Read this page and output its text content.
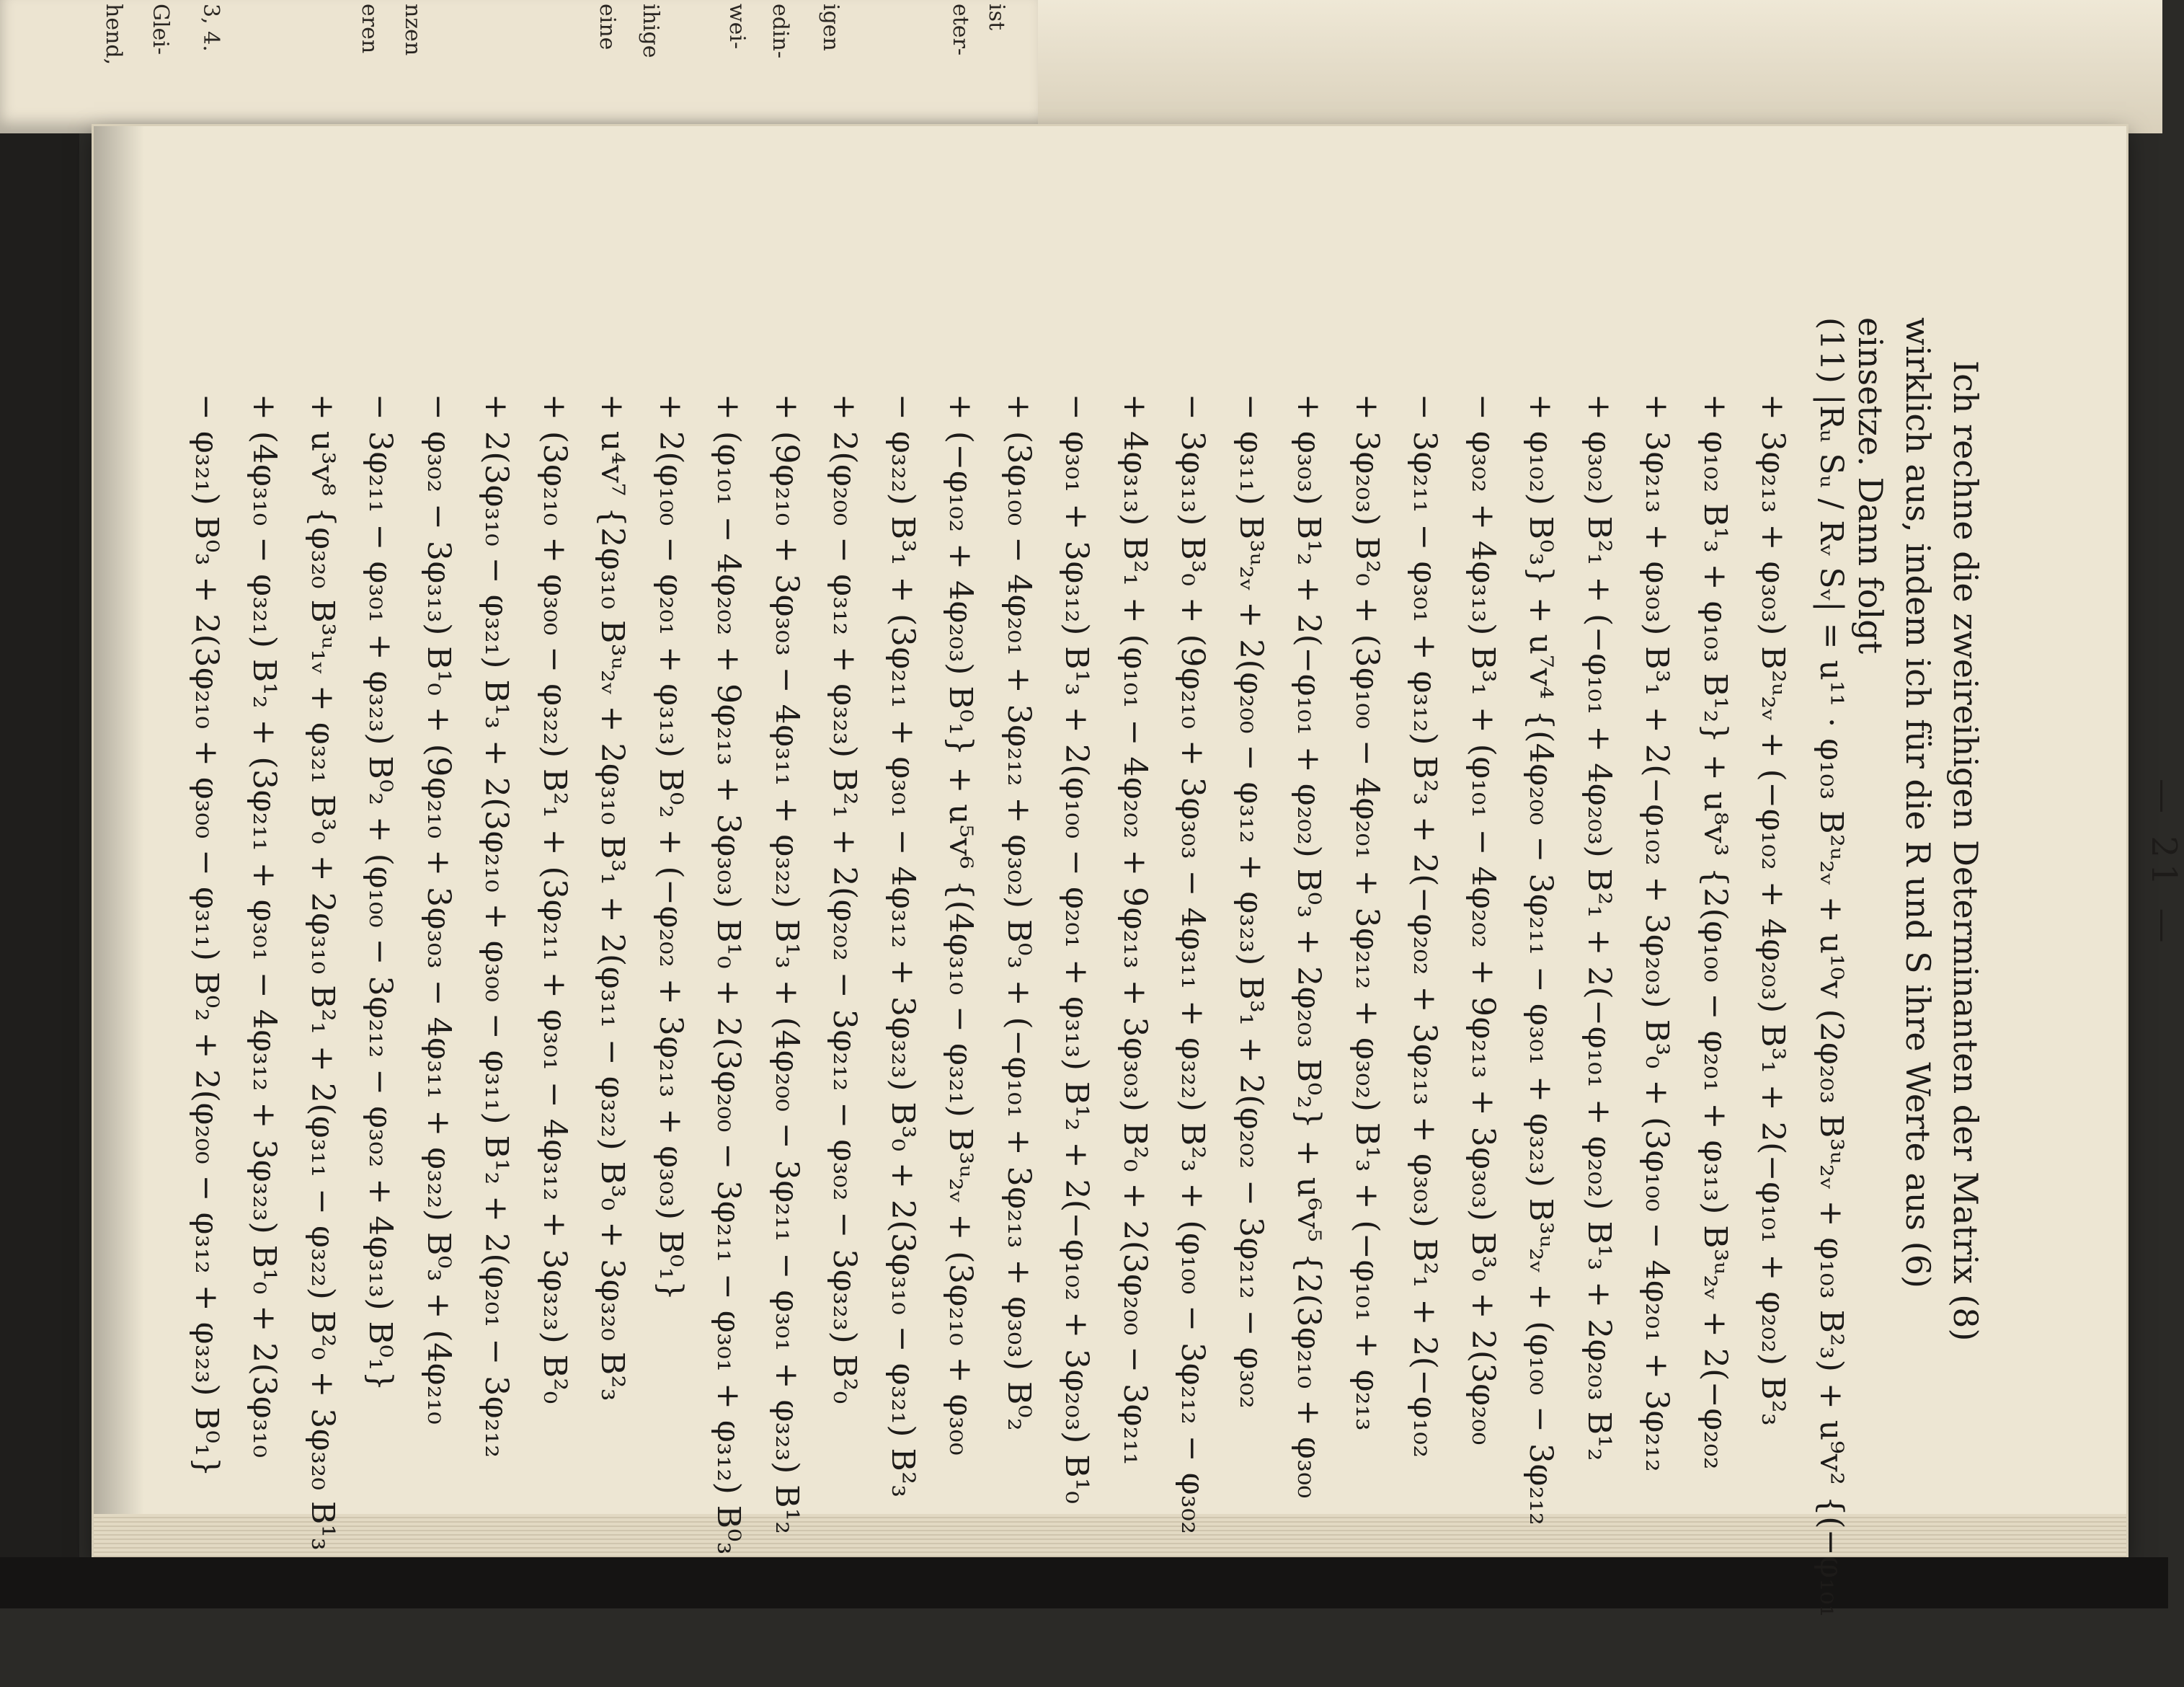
igen
edin-
wei-
ihige
eine	ist
eter-
nzen
eren
3, 4.
Glei-
hend,
— 21 —
Ich rechne die zweireihigen Determinanten der Matrix (8)
wirklich aus, indem ich für die R und S ihre Werte aus (6)
einsetze. Dann folgt
(11) |Rᵤ Sᵤ / Rᵥ Sᵥ| = u¹¹ · φ₁₀₃ B²ᵘ₂ᵥ + u¹⁰v (2φ₂₀₃ B³ᵘ₂ᵥ + φ₁₀₃ B²₃) + u⁹v² {(−φ₁₀₁
+ 3φ₂₁₃ + φ₃₀₃) B²ᵘ₂ᵥ + (−φ₁₀₂ + 4φ₂₀₃) B³₁ + 2(−φ₁₀₁ + φ₂₀₂) B²₃
+ φ₁₀₂ B¹₃ + φ₁₀₃ B¹₂} + u⁸v³ {2(φ₁₀₀ − φ₂₀₁ + φ₃₁₃) B³ᵘ₂ᵥ + 2(−φ₂₀₂
+ 3φ₂₁₃ + φ₃₀₃) B³₁ + 2(−φ₁₀₂ + 3φ₂₀₃) B³₀ + (3φ₁₀₀ − 4φ₂₀₁ + 3φ₂₁₂
+ φ₃₀₂) B²₁ + (−φ₁₀₁ + 4φ₂₀₃) B²₁ + 2(−φ₁₀₁ + φ₂₀₂) B¹₃ + 2φ₂₀₃ B¹₂
+ φ₁₀₂) B⁰₃} + u⁷v⁴ {(4φ₂₀₀ − 3φ₂₁₁ − φ₃₀₁ + φ₃₂₃) B³ᵘ₂ᵥ + (φ₁₀₀ − 3φ₂₁₂
− φ₃₀₂ + 4φ₃₁₃) B³₁ + (φ₁₀₁ − 4φ₂₀₂ + 9φ₂₁₃ + 3φ₃₀₃) B³₀ + 2(3φ₂₀₀
− 3φ₂₁₁ − φ₃₀₁ + φ₃₁₂) B²₃ + 2(−φ₂₀₂ + 3φ₂₁₃ + φ₃₀₃) B²₁ + 2(−φ₁₀₂
+ 3φ₂₀₃) B²₀ + (3φ₁₀₀ − 4φ₂₀₁ + 3φ₂₁₂ + φ₃₀₂) B¹₃ + (−φ₁₀₁ + φ₂₁₃
+ φ₃₀₃) B¹₂ + 2(−φ₁₀₁ + φ₂₀₂) B⁰₃ + 2φ₂₀₃ B⁰₂} + u⁶v⁵ {2(3φ₂₁₀ + φ₃₀₀
− φ₃₁₁) B³ᵘ₂ᵥ + 2(φ₂₀₀ − φ₃₁₂ + φ₃₂₃) B³₁ + 2(φ₂₀₂ − 3φ₂₁₂ − φ₃₀₂
− 3φ₃₁₃) B³₀ + (9φ₂₁₀ + 3φ₃₀₃ − 4φ₃₁₁ + φ₃₂₂) B²₃ + (φ₁₀₀ − 3φ₂₁₂ − φ₃₀₂
+ 4φ₃₁₃) B²₁ + (φ₁₀₁ − 4φ₂₀₂ + 9φ₂₁₃ + 3φ₃₀₃) B²₀ + 2(3φ₂₀₀ − 3φ₂₁₁
− φ₃₀₁ + 3φ₃₁₂) B¹₃ + 2(φ₁₀₀ − φ₂₀₁ + φ₃₁₃) B¹₂ + 2(−φ₁₀₂ + 3φ₂₀₃) B¹₀
+ (3φ₁₀₀ − 4φ₂₀₁ + 3φ₂₁₂ + φ₃₀₂) B⁰₃ + (−φ₁₀₁ + 3φ₂₁₃ + φ₃₀₃) B⁰₂
+ (−φ₁₀₂ + 4φ₂₀₃) B⁰₁} + u⁵v⁶ {(4φ₃₁₀ − φ₃₂₁) B³ᵘ₂ᵥ + (3φ₂₁₀ + φ₃₀₀
− φ₃₂₂) B³₁ + (3φ₂₁₁ + φ₃₀₁ − 4φ₃₁₂ + 3φ₃₂₃) B³₀ + 2(3φ₃₁₀ − φ₃₂₁) B²₃
+ 2(φ₂₀₀ − φ₃₁₂ + φ₃₂₃) B²₁ + 2(φ₂₀₂ − 3φ₂₁₂ − φ₃₀₂ − 3φ₃₂₃) B²₀
+ (9φ₂₁₀ + 3φ₃₀₃ − 4φ₃₁₁ + φ₃₂₂) B¹₃ + (4φ₂₀₀ − 3φ₂₁₁ − φ₃₀₁ + φ₃₂₃) B¹₂
+ (φ₁₀₁ − 4φ₂₀₂ + 9φ₂₁₃ + 3φ₃₀₃) B¹₀ + 2(3φ₂₀₀ − 3φ₂₁₁ − φ₃₀₁ + φ₃₁₂) B⁰₃
+ 2(φ₁₀₀ − φ₂₀₁ + φ₃₁₃) B⁰₂ + (−φ₂₀₂ + 3φ₂₁₃ + φ₃₀₃) B⁰₁}
+ u⁴v⁷ {2φ₃₁₀ B³ᵘ₂ᵥ + 2φ₃₁₀ B³₁ + 2(φ₃₁₁ − φ₃₂₂) B³₀ + 3φ₃₂₀ B²₃
+ (3φ₂₁₀ + φ₃₀₀ − φ₃₂₂) B²₁ + (3φ₂₁₁ + φ₃₀₁ − 4φ₃₁₂ + 3φ₃₂₃) B²₀
+ 2(3φ₃₁₀ − φ₃₂₁) B¹₃ + 2(3φ₂₁₀ + φ₃₀₀ − φ₃₁₁) B¹₂ + 2(φ₂₀₁ − 3φ₂₁₂
− φ₃₀₂ − 3φ₃₁₃) B¹₀ + (9φ₂₁₀ + 3φ₃₀₃ − 4φ₃₁₁ + φ₃₂₂) B⁰₃ + (4φ₂₁₀
− 3φ₂₁₁ − φ₃₀₁ + φ₃₂₃) B⁰₂ + (φ₁₀₀ − 3φ₂₁₂ − φ₃₀₂ + 4φ₃₁₃) B⁰₁}
+ u³v⁸ {φ₃₂₀ B³ᵘ₁ᵥ + φ₃₂₁ B³₀ + 2φ₃₁₀ B²₁ + 2(φ₃₁₁ − φ₃₂₂) B²₀ + 3φ₃₂₀ B¹₃
+ (4φ₃₁₀ − φ₃₂₁) B¹₂ + (3φ₂₁₁ + φ₃₀₁ − 4φ₃₁₂ + 3φ₃₂₃) B¹₀ + 2(3φ₃₁₀
− φ₃₂₁) B⁰₃ + 2(3φ₂₁₀ + φ₃₀₀ − φ₃₁₁) B⁰₂ + 2(φ₂₀₀ − φ₃₁₂ + φ₃₂₃) B⁰₁}
